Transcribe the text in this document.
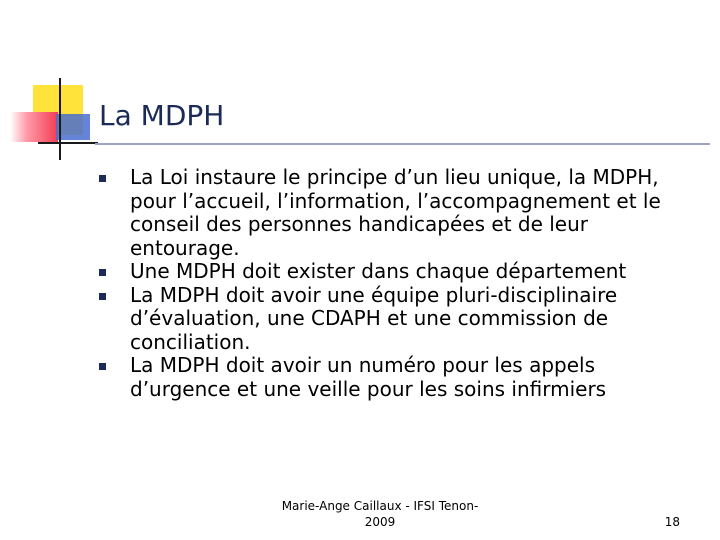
La MDPH
La Loi instaure le principe d’un lieu unique, la MDPH, pour l’accueil, l’information, l’accompagnement et le conseil des personnes handicapées et de leur entourage.
Une MDPH doit exister dans chaque département
La MDPH doit avoir une équipe pluri-disciplinaire d’évaluation, une CDAPH et une commission de conciliation.
La MDPH doit avoir un numéro pour les appels d’urgence et une veille pour les soins infirmiers
Marie-Ange Caillaux - IFSI Tenon-
2009	18
